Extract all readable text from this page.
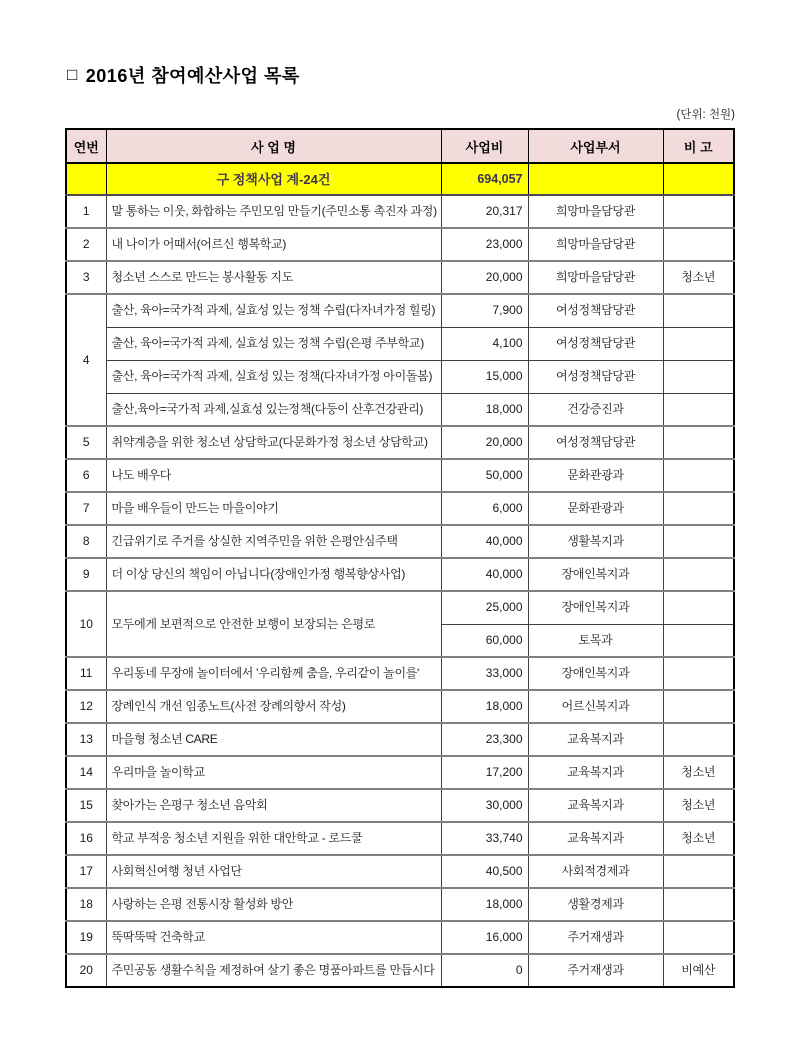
□ 2016년 참여예산사업 목록
(단위: 천원)
연번	사 업 명	사업비	사업부서	비 고
	구 정책사업 계-24건	694,057		
1	말 통하는 이웃, 화합하는 주민모임 만들기(주민소통 촉진자 과정)	20,317	희망마을담당관	
2	내 나이가 어때서(어르신 행복학교)	23,000	희망마을담당관	
3	청소년 스스로 만드는 봉사활동 지도	20,000	희망마을담당관	청소년
4	출산, 육아=국가적 과제, 실효성 있는 정책 수립(다자녀가정 힐링)	7,900	여성정책담당관	
	출산, 육아=국가적 과제, 실효성 있는 정책 수립(은평 주부학교)	4,100	여성정책담당관	
	출산, 육아=국가적 과제, 실효성 있는 정책(다자녀가정 아이돌봄)	15,000	여성정책담당관	
	출산,육아=국가적 과제,실효성 있는정책(다둥이 산후건강관리)	18,000	건강증진과	
5	취약계층을 위한 청소년 상담학교(다문화가정 청소년 상담학교)	20,000	여성정책담당관	
6	나도 배우다	50,000	문화관광과	
7	마을 배우들이 만드는 마을이야기	6,000	문화관광과	
8	긴급위기로 주거를 상실한 지역주민을 위한 은평안심주택	40,000	생활복지과	
9	더 이상 당신의 책임이 아닙니다(장애인가정 행복향상사업)	40,000	장애인복지과	
10	모두에게 보편적으로 안전한 보행이 보장되는 은평로	25,000	장애인복지과	
		60,000	토목과	
11	우리동네 무장애 놀이터에서 '우리함께 춤을, 우리같이 놀이를'	33,000	장애인복지과	
12	장례인식 개선 임종노트(사전 장례의향서 작성)	18,000	어르신복지과	
13	마을형 청소년 CARE	23,300	교육복지과	
14	우리마을 놀이학교	17,200	교육복지과	청소년
15	찾아가는 은평구 청소년 음악회	30,000	교육복지과	청소년
16	학교 부적응 청소년 지원을 위한 대안학교 - 로드쿨	33,740	교육복지과	청소년
17	사회혁신여행 청년 사업단	40,500	사회적경제과	
18	사랑하는 은평 전통시장 활성화 방안	18,000	생활경제과	
19	뚝딱뚝딱 건축학교	16,000	주거재생과	
20	주민공동 생활수칙을 제정하여 살기 좋은 명품아파트를 만듭시다	0	주거재생과	비예산
